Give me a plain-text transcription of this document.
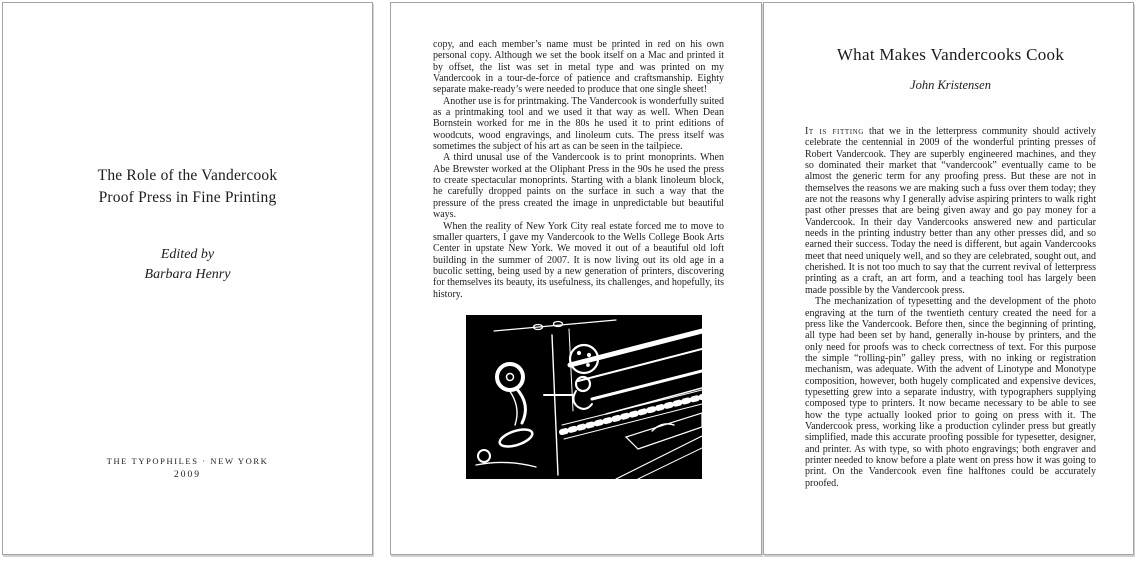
The Role of the Vandercook
Proof Press in Fine Printing
Edited by
Barbara Henry
THE TYPOPHILES · NEW YORK
2009

copy, and each member’s name must be printed in red on his own personal copy. Although we set the book itself on a Mac and printed it by offset, the list was set in metal type and was printed on my Vandercook in a tour-de-force of patience and craftsmanship. Eighty separate make-ready’s were needed to produce that one single sheet!

Another use is for printmaking. The Vandercook is wonderfully suited as a printmaking tool and we used it that way as well. When Dean Bornstein worked for me in the 80s he used it to print editions of woodcuts, wood engravings, and linoleum cuts. The press itself was sometimes the subject of his art as can be seen in the tailpiece.

A third unusal use of the Vandercook is to print monoprints. When Abe Brewster worked at the Oliphant Press in the 90s he used the press to create spectacular monoprints. Starting with a blank linoleum block, he carefully dropped paints on the surface in such a way that the pressure of the press created the image in unpredictable but beautiful ways.

When the reality of New York City real estate forced me to move to smaller quarters, I gave my Vandercook to the Wells College Book Arts Center in upstate New York. We moved it out of a beautiful old loft building in the summer of 2007. It is now living out its old age in a bucolic setting, being used by a new generation of printers, discovering for themselves its beauty, its usefulness, its challenges, and hopefully, its history.

What Makes Vandercooks Cook
John Kristensen

It is fitting that we in the letterpress community should actively celebrate the centennial in 2009 of the wonderful printing presses of Robert Vandercook. They are superbly engineered machines, and they so dominated their market that “vandercook” eventually came to be almost the generic term for any proofing press. But these are not in themselves the reasons we are making such a fuss over them today; they are not the reasons why I generally advise aspiring printers to walk right past other presses that are being given away and go pay money for a Vandercook. In their day Vandercooks answered new and particular needs in the printing industry better than any other presses did, and so earned their success. Today the need is different, but again Vandercooks meet that need uniquely well, and so they are celebrated, sought out, and cherished. It is not too much to say that the current revival of letterpress printing as a craft, an art form, and a teaching tool has largely been made possible by the Vandercook press.

The mechanization of typesetting and the development of the photo engraving at the turn of the twentieth century created the need for a press like the Vandercook. Before then, since the beginning of printing, all type had been set by hand, generally in-house by printers, and the only need for proofs was to check correctness of text. For this purpose the simple “rolling-pin” galley press, with no inking or registration mechanism, was adequate. With the advent of Linotype and Monotype composition, however, both hugely complicated and expensive devices, typesetting grew into a separate industry, with typographers supplying composed type to printers. It now became necessary to be able to see how the type actually looked prior to going on press with it. The Vandercook press, working like a production cylinder press but greatly simplified, made this accurate proofing possible for typesetter, designer, and printer. As with type, so with photo engravings; both engraver and printer needed to know before a plate went on press how it was going to print. On the Vandercook even fine halftones could be accurately proofed.
